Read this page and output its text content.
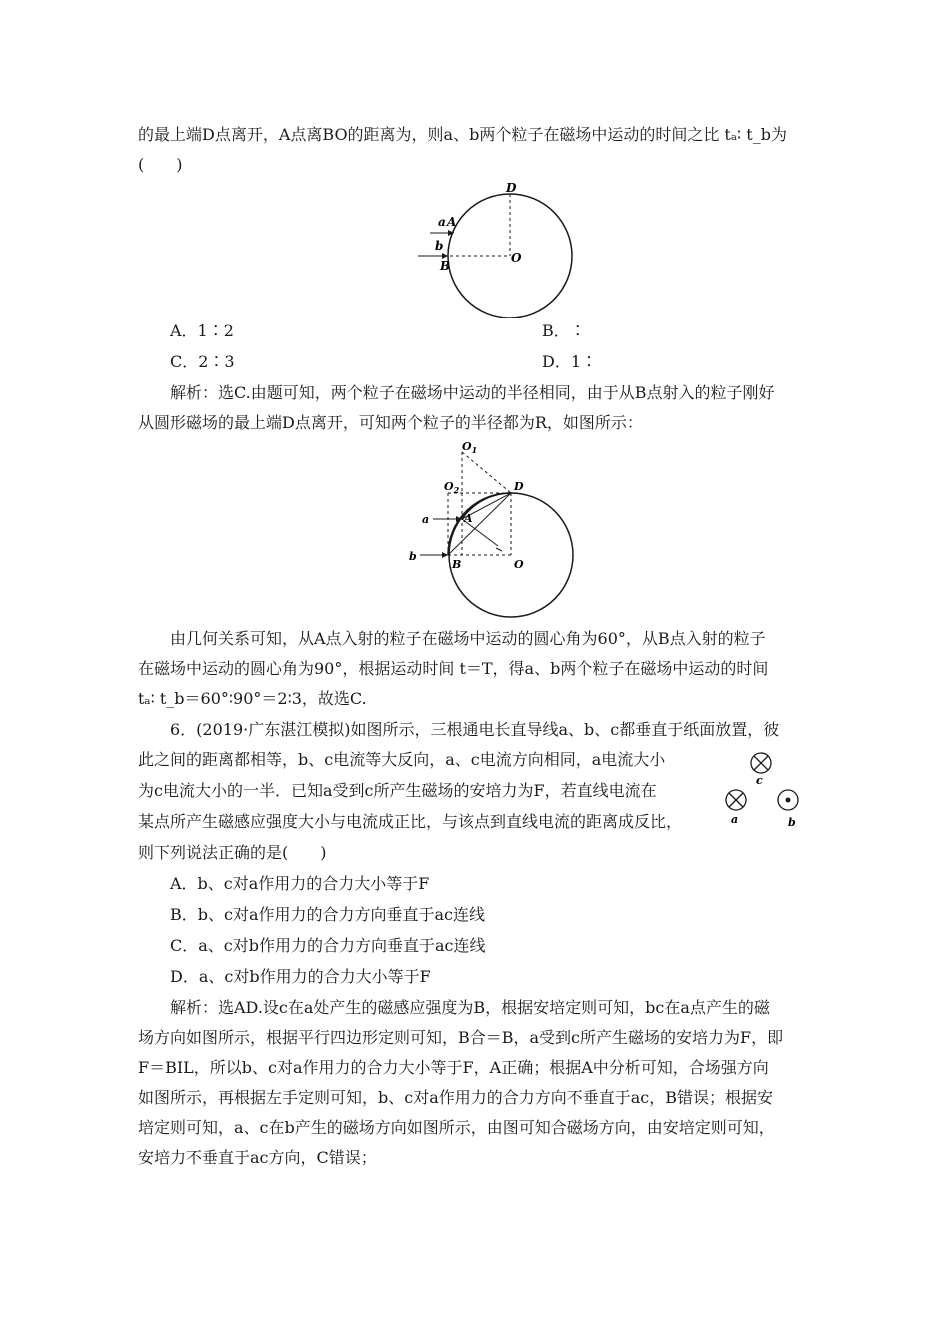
的最上端D点离开，A点离BO的距离为，则a、b两个粒子在磁场中运动的时间之比 tₐ∶ t_b为
(　　)
D
a A
b
B
O
A．1∶2	B．∶
C．2∶3	D．1∶
解析：选C.由题可知，两个粒子在磁场中运动的半径相同，由于从B点射入的粒子刚好
从圆形磁场的最上端D点离开，可知两个粒子的半径都为R，如图所示：
$O_1$
$O_2$	D
a	A
b
B	O
由几何关系可知，从A点入射的粒子在磁场中运动的圆心角为60°，从B点入射的粒子
在磁场中运动的圆心角为90°，根据运动时间 t＝T，得a、b两个粒子在磁场中运动的时间
tₐ∶ t_b＝60°∶90°＝2∶3，故选C.
6．(2019·广东湛江模拟)如图所示，三根通电长直导线a、b、c都垂直于纸面放置，彼
此之间的距离都相等，b、c电流等大反向，a、c电流方向相同，a电流大小
为c电流大小的一半．已知a受到c所产生磁场的安培力为F，若直线电流在
某点所产生磁感应强度大小与电流成正比，与该点到直线电流的距离成反比，
则下列说法正确的是(　　)
c
a	b
A．b、c对a作用力的合力大小等于F
B．b、c对a作用力的合力方向垂直于ac连线
C．a、c对b作用力的合力方向垂直于ac连线
D．a、c对b作用力的合力大小等于F
解析：选AD.设c在a处产生的磁感应强度为B，根据安培定则可知，bc在a点产生的磁
场方向如图所示，根据平行四边形定则可知，B合＝B，a受到c所产生磁场的安培力为F，即
F＝BIL，所以b、c对a作用力的合力大小等于F，A正确；根据A中分析可知，合场强方向
如图所示，再根据左手定则可知，b、c对a作用力的合力方向不垂直于ac，B错误；根据安
培定则可知，a、c在b产生的磁场方向如图所示，由图可知合磁场方向，由安培定则可知，
安培力不垂直于ac方向，C错误；
